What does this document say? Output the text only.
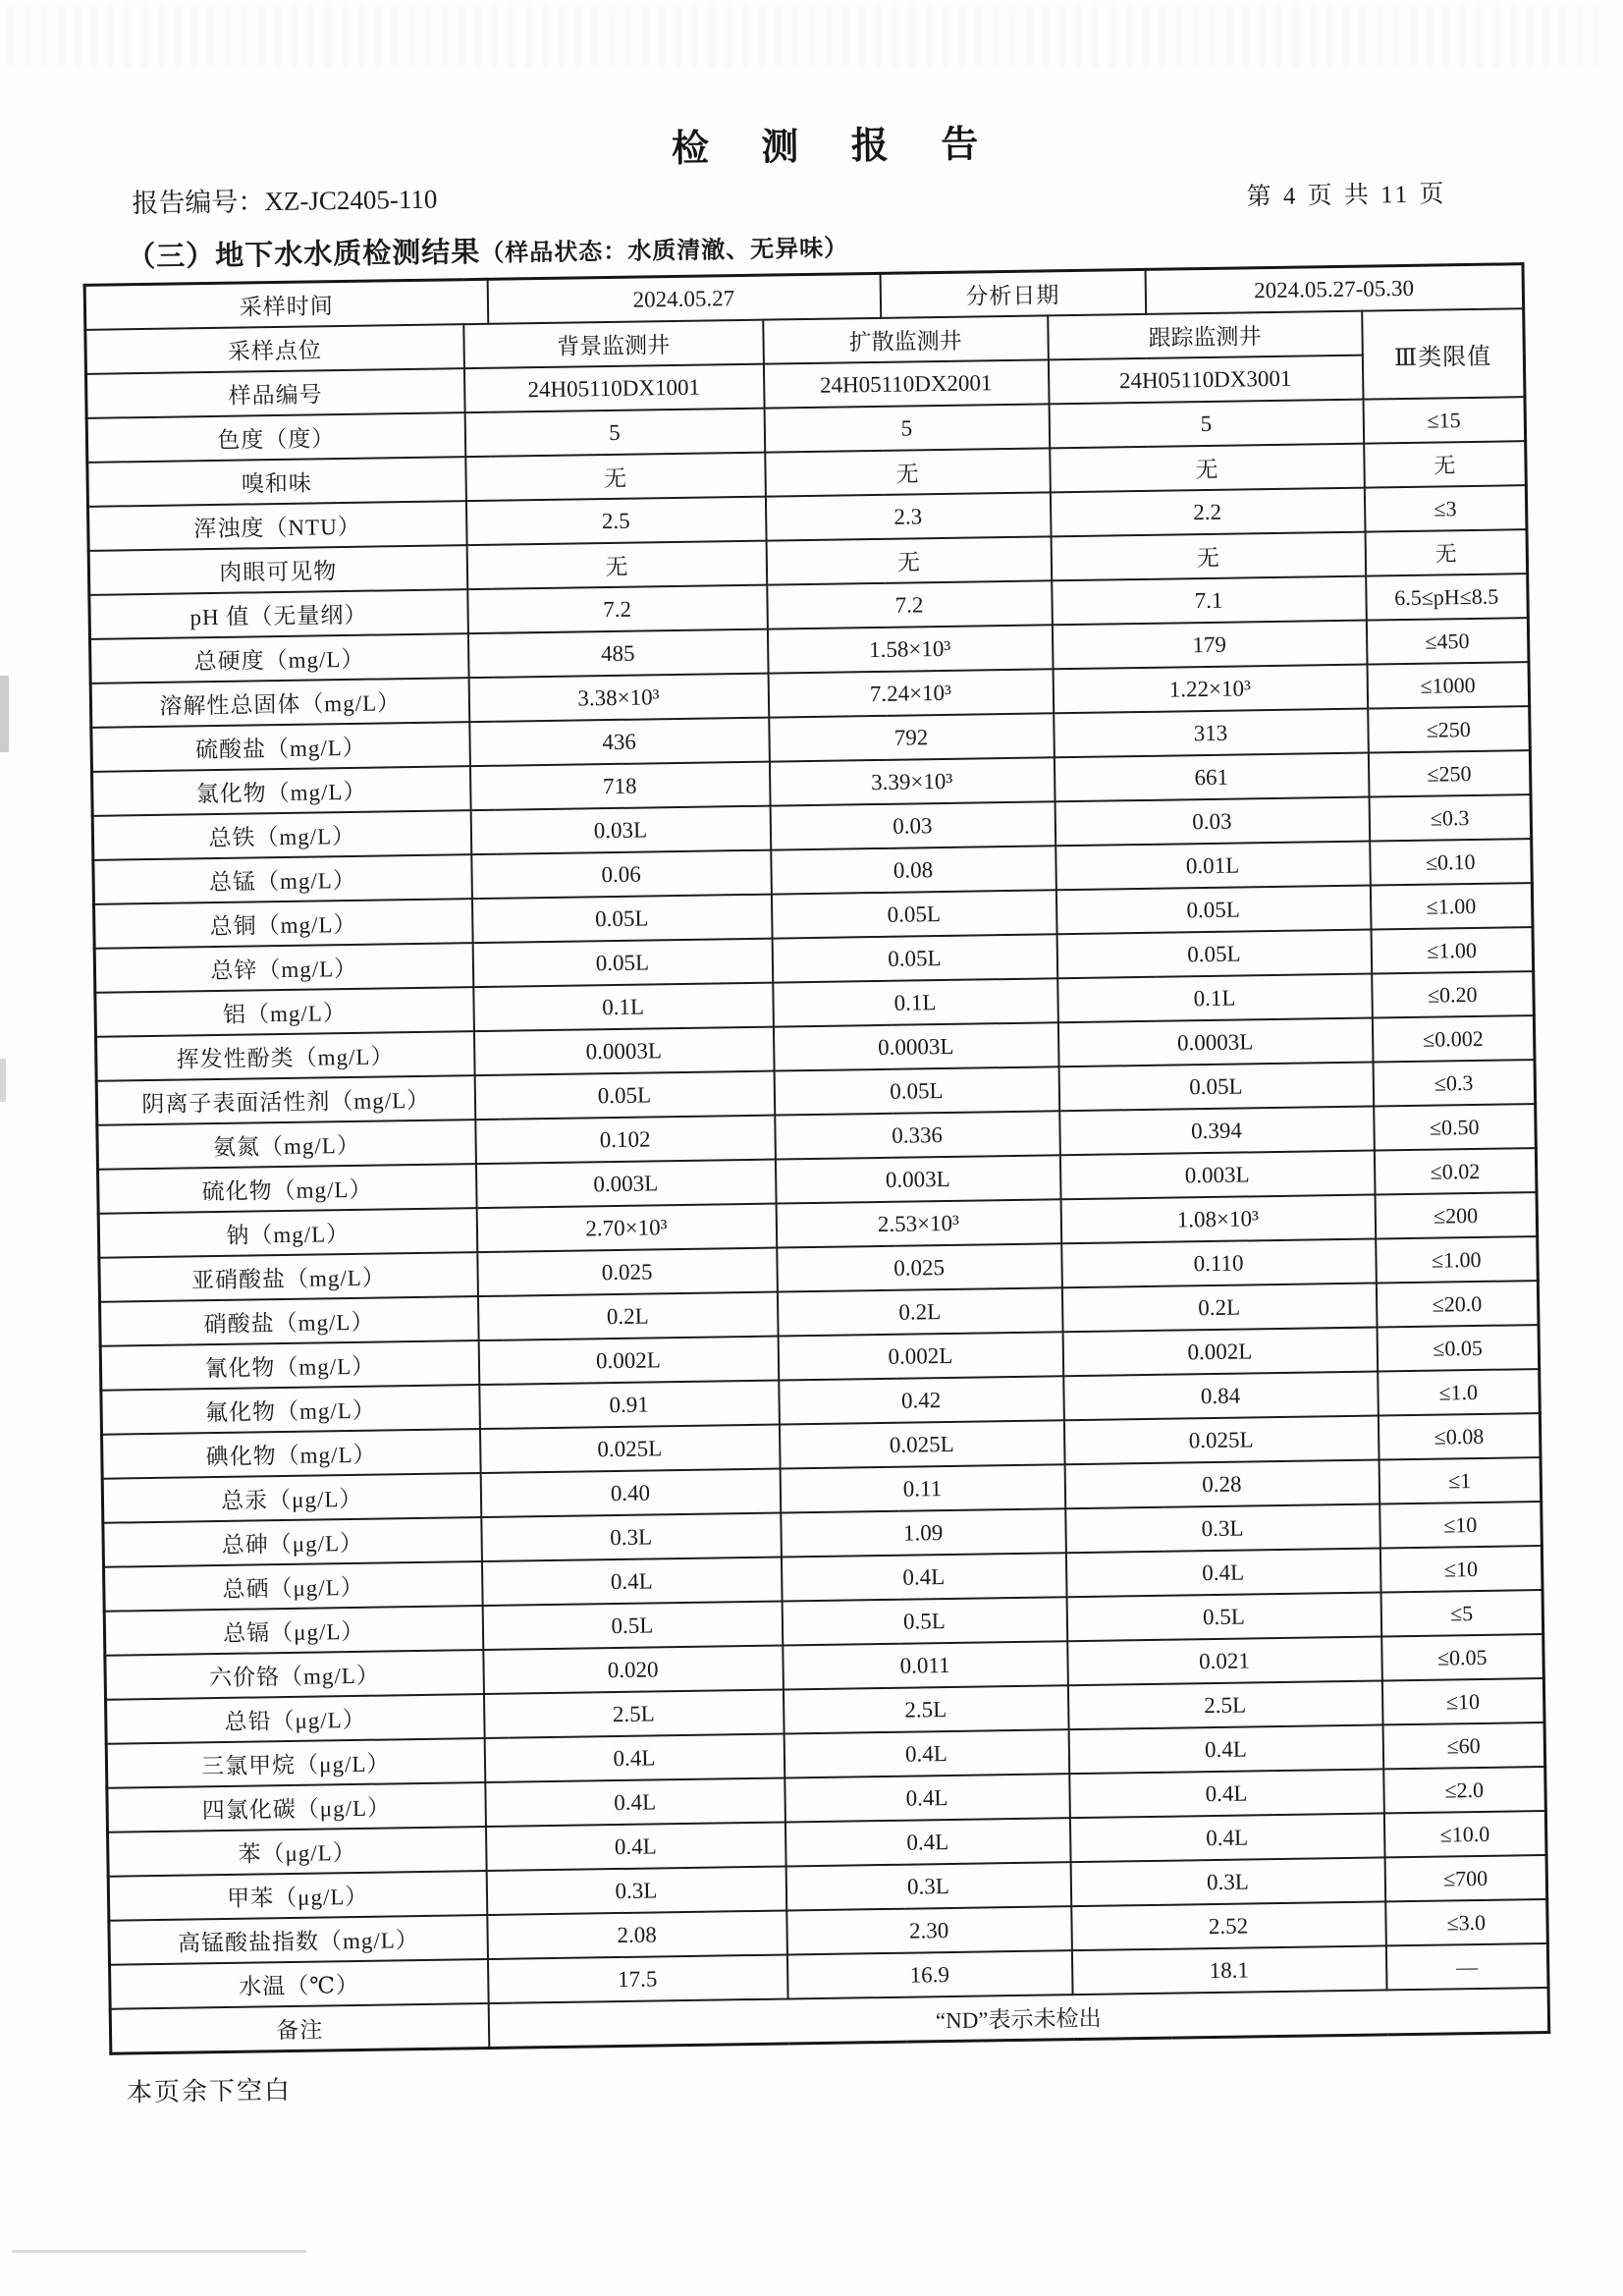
检 测 报 告
报告编号：XZ-JC2405-110	第 4 页 共 11 页
（三）地下水水质检测结果（样品状态：水质清澈、无异味）
采样时间		2024.05.27		分析日期		2024.05.27-05.30	
采样点位	背景监测井		扩散监测井		跟踪监测井		Ⅲ类限值
样品编号	24H05110DX1001		24H05110DX2001		24H05110DX3001		
色度（度）	5		5		5		≤15
嗅和味	无		无		无		无
浑浊度（NTU）	2.5		2.3		2.2		≤3
肉眼可见物	无		无		无		无
pH 值（无量纲）	7.2		7.2		7.1		6.5≤pH≤8.5
总硬度（mg/L）	485		1.58×10³		179		≤450
溶解性总固体（mg/L）	3.38×10³		7.24×10³		1.22×10³		≤1000
硫酸盐（mg/L）	436		792		313		≤250
氯化物（mg/L）	718		3.39×10³		661		≤250
总铁（mg/L）	0.03L		0.03		0.03		≤0.3
总锰（mg/L）	0.06		0.08		0.01L		≤0.10
总铜（mg/L）	0.05L		0.05L		0.05L		≤1.00
总锌（mg/L）	0.05L		0.05L		0.05L		≤1.00
铝（mg/L）	0.1L		0.1L		0.1L		≤0.20
挥发性酚类（mg/L）	0.0003L		0.0003L		0.0003L		≤0.002
阴离子表面活性剂（mg/L）	0.05L		0.05L		0.05L		≤0.3
氨氮（mg/L）	0.102		0.336		0.394		≤0.50
硫化物（mg/L）	0.003L		0.003L		0.003L		≤0.02
钠（mg/L）	2.70×10³		2.53×10³		1.08×10³		≤200
亚硝酸盐（mg/L）	0.025		0.025		0.110		≤1.00
硝酸盐（mg/L）	0.2L		0.2L		0.2L		≤20.0
氰化物（mg/L）	0.002L		0.002L		0.002L		≤0.05
氟化物（mg/L）	0.91		0.42		0.84		≤1.0
碘化物（mg/L）	0.025L		0.025L		0.025L		≤0.08
总汞（μg/L）	0.40		0.11		0.28		≤1
总砷（μg/L）	0.3L		1.09		0.3L		≤10
总硒（μg/L）	0.4L		0.4L		0.4L		≤10
总镉（μg/L）	0.5L		0.5L		0.5L		≤5
六价铬（mg/L）	0.020		0.011		0.021		≤0.05
总铅（μg/L）	2.5L		2.5L		2.5L		≤10
三氯甲烷（μg/L）	0.4L		0.4L		0.4L		≤60
四氯化碳（μg/L）	0.4L		0.4L		0.4L		≤2.0
苯（μg/L）	0.4L		0.4L		0.4L		≤10.0
甲苯（μg/L）	0.3L		0.3L		0.3L		≤700
高锰酸盐指数（mg/L）	2.08		2.30		2.52		≤3.0
水温（℃）	17.5		16.9		18.1		—
备注	“ND”表示未检出						
本页余下空白
